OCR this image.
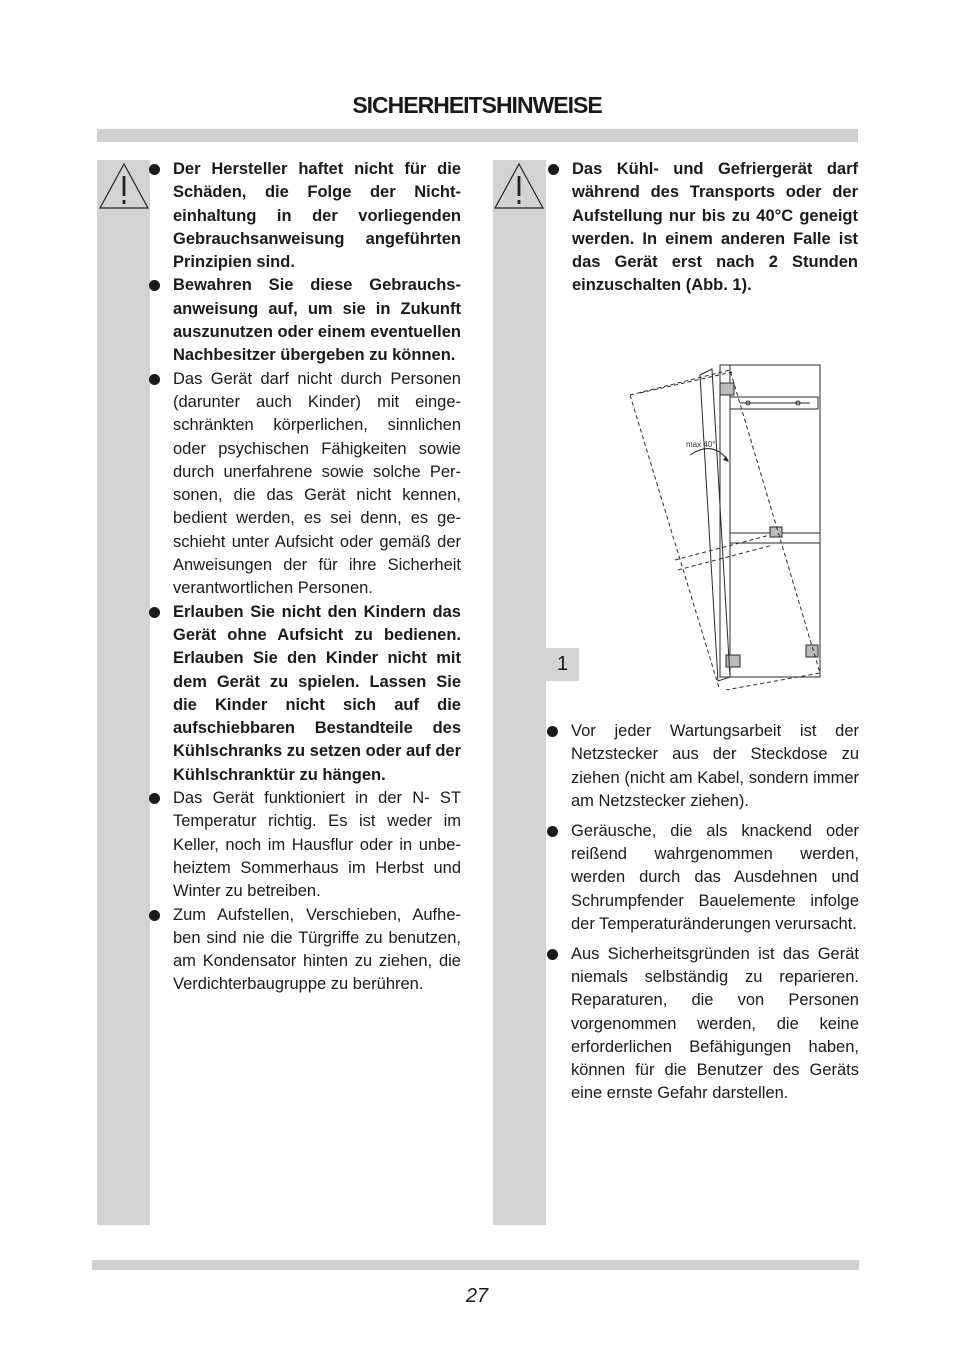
SICHERHEITSHINWEISE
Der Hersteller haftet nicht für die Schäden, die Folge der Nichteinhaltung in der vorliegenden Gebrauchsanweisung angeführten Prinzipien sind.
Bewahren Sie diese Gebrauchsanweisung auf, um sie in Zukunft auszunutzen oder einem eventuellen Nachbesitzer übergeben zu können.
Das Gerät darf nicht durch Personen (darunter auch Kinder) mit eingeschränkten körperlichen, sinnlichen oder psychischen Fähigkeiten sowie durch unerfahrene sowie solche Personen, die das Gerät nicht kennen, bedient werden, es sei denn, es geschieht unter Aufsicht oder gemäß der Anweisungen der für ihre Sicherheit verantwortlichen Personen.
Erlauben Sie nicht den Kindern das Gerät ohne Aufsicht zu bedienen. Erlauben Sie den Kinder nicht mit dem Gerät zu spielen. Lassen Sie die Kinder nicht sich auf die aufschiebbaren Bestandteile des Kühlschranks zu setzen oder auf der Kühlschranktür zu hängen.
Das Gerät funktioniert in der N- ST Temperatur richtig. Es ist weder im Keller, noch im Hausflur oder in unbeheiztem Sommerhaus im Herbst und Winter zu betreiben.
Zum Aufstellen, Verschieben, Aufheben sind nie die Türgriffe zu benutzen, am Kondensator hinten zu ziehen, die Verdichterbaugruppe zu berühren.
Das Kühl- und Gefriergerät darf während des Transports oder der Aufstellung nur bis zu 40°C geneigt werden. In einem anderen Falle ist das Gerät erst nach 2 Stunden einzuschalten (Abb. 1).
max 40°
1
Vor jeder Wartungsarbeit ist der Netzstecker aus der Steckdose zu ziehen (nicht am Kabel, sondern immer am Netzstecker ziehen).
Geräusche, die als knackend oder reißend wahrgenommen werden, werden durch das Ausdehnen und Schrumpfender Bauelemente infolge der Temperaturänderungen verursacht.
Aus Sicherheitsgründen ist das Gerät niemals selbständig zu reparieren. Reparaturen, die von Personen vorgenommen werden, die keine erforderlichen Befähigungen haben, können für die Benutzer des Geräts eine ernste Gefahr darstellen.
27
